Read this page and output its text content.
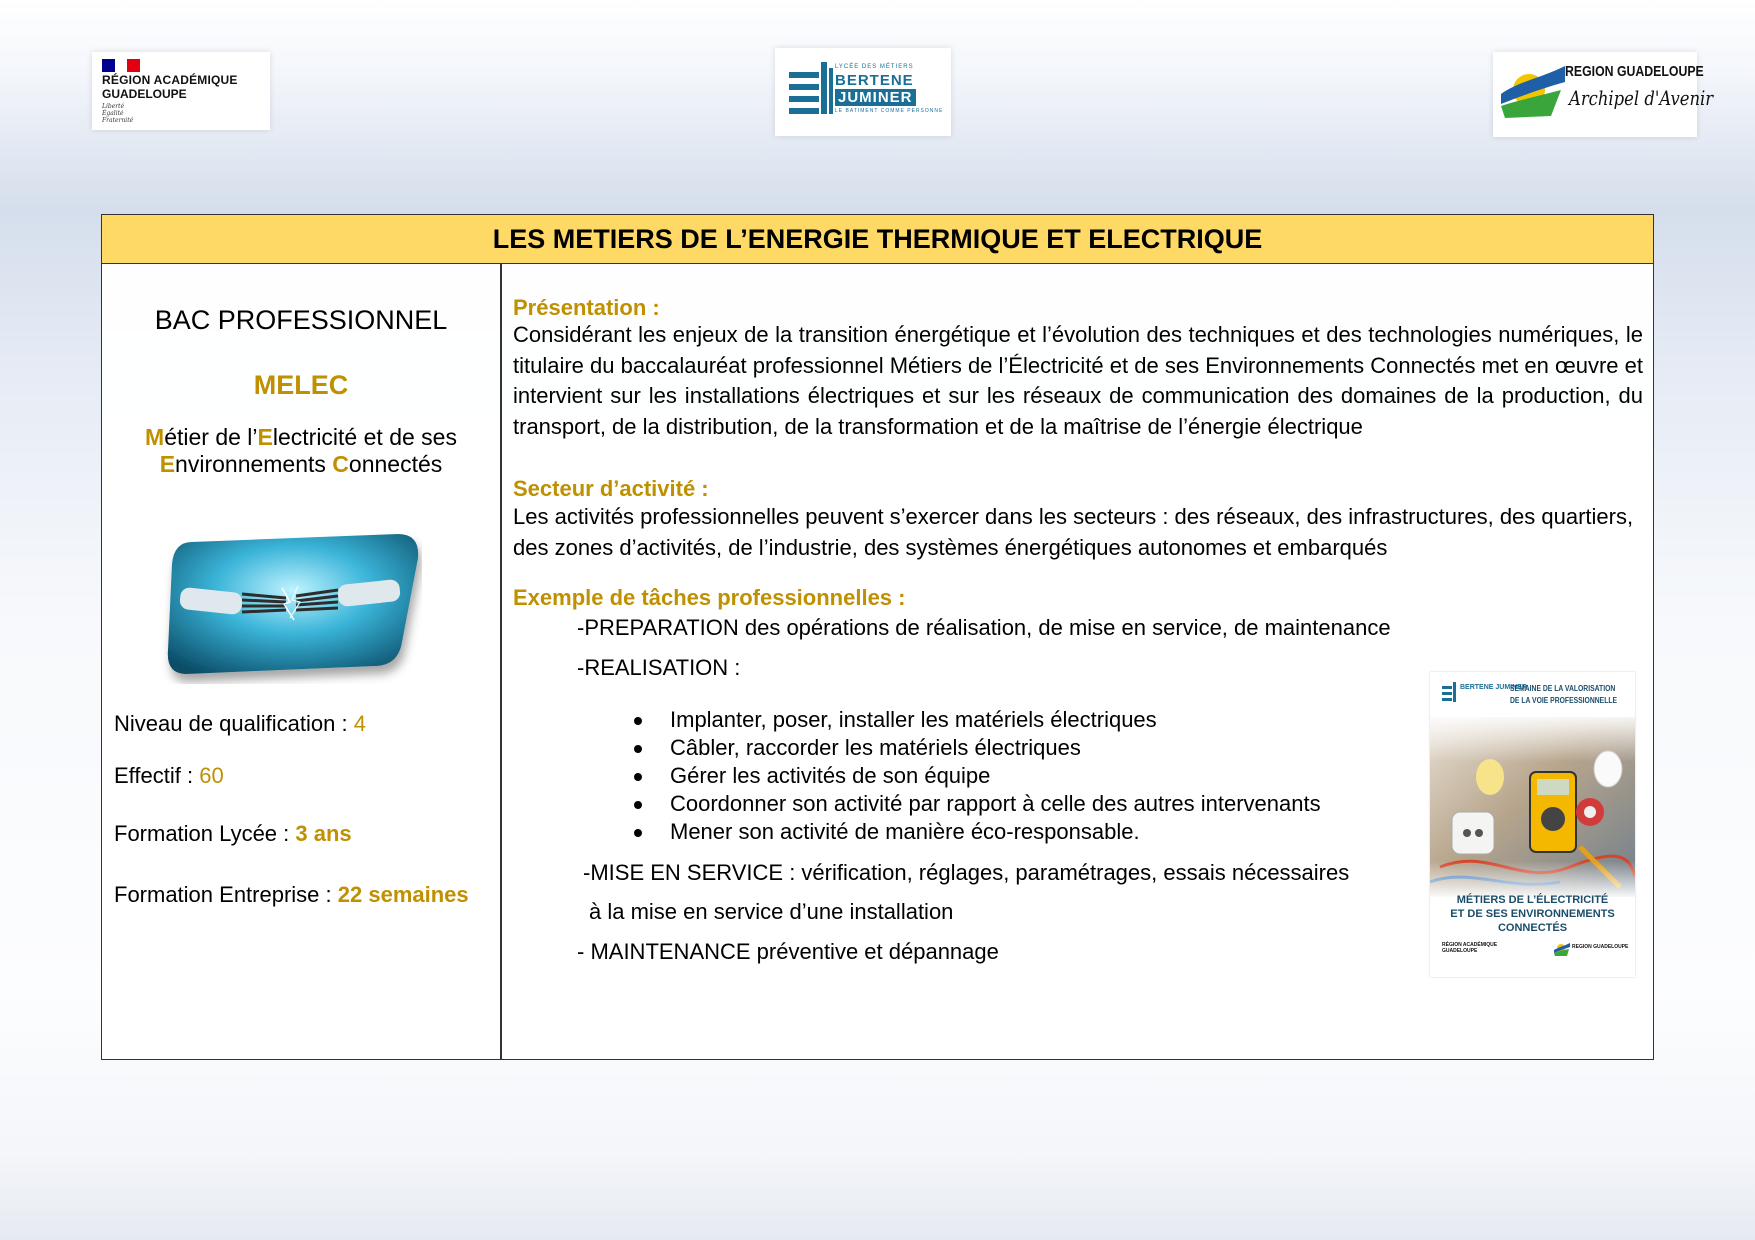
RÉGION ACADÉMIQUE
GUADELOUPE
Liberté
Égalité
Fraternité
LYCÉE DES MÉTIERS
BERTENE
JUMINER
LE BATIMENT COMME PERSONNE
REGION GUADELOUPE
Archipel d'Avenir
LES METIERS DE L’ENERGIE THERMIQUE ET ELECTRIQUE
BAC PROFESSIONNEL
MELEC
Métier de l’Electricité et de ses
Environnements Connectés
Niveau de qualification : 4
Effectif : 60
Formation Lycée : 3 ans
Formation Entreprise : 22 semaines
Présentation :
Considérant les enjeux de la transition énergétique et l’évolution des techniques et des technologies numériques, le titulaire du baccalauréat professionnel Métiers de l’Électricité et de ses Environnements Connectés met en œuvre et intervient sur les installations électriques et sur les réseaux de communication des domaines de la production, du transport, de la distribution, de la transformation et de la maîtrise de l’énergie électrique
Secteur d’activité :
Les activités professionnelles peuvent s’exercer dans les secteurs : des réseaux, des infrastructures, des quartiers, des zones d’activités, de l’industrie, des systèmes énergétiques autonomes et embarqués
Exemple de tâches professionnelles :
-PREPARATION des opérations de réalisation, de mise en service, de maintenance
-REALISATION :
Implanter, poser, installer les matériels électriques
Câbler, raccorder les matériels électriques
Gérer les activités de son équipe
Coordonner son activité par rapport à celle des autres intervenants
Mener son activité de manière éco-responsable.
-MISE EN SERVICE : vérification, réglages, paramétrages, essais nécessaires
à la mise en service d’une installation
- MAINTENANCE préventive et dépannage
BERTENE JUMINER
SEMAINE DE LA VALORISATION
DE LA VOIE PROFESSIONNELLE
MÉTIERS DE L’ÉLECTRICITÉ
ET DE SES ENVIRONNEMENTS
CONNECTÉS
RÉGION ACADÉMIQUE GUADELOUPE
REGION GUADELOUPE
